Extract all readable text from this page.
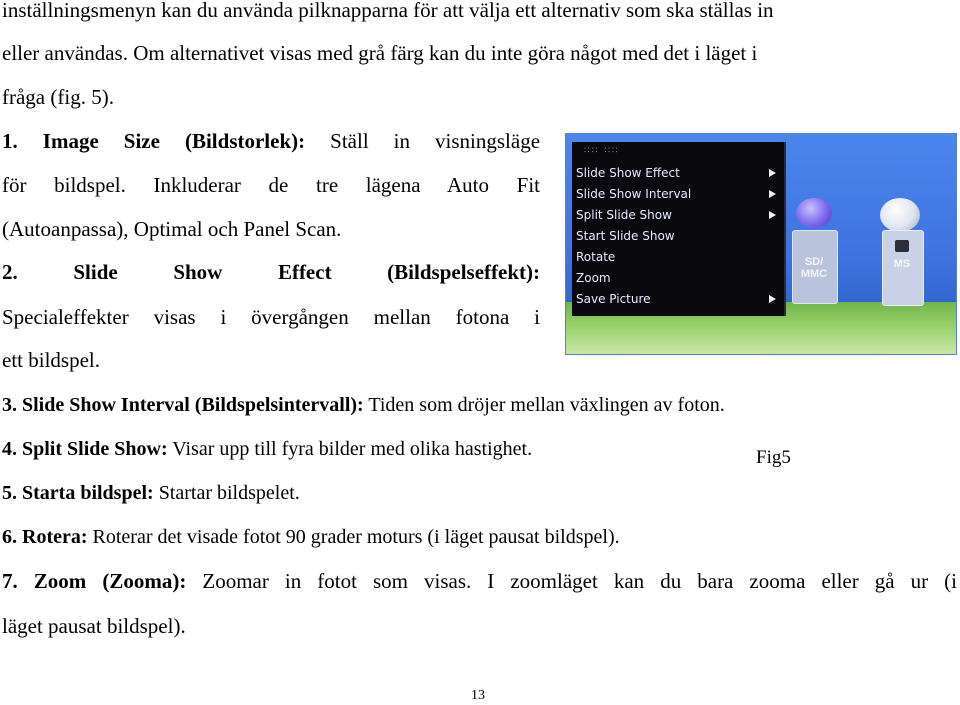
inställningsmenyn kan du använda pilknapparna för att välja ett alternativ som ska ställas in
eller användas. Om alternativet visas med grå färg kan du inte göra något med det i läget i
fråga (fig. 5).
1. Image Size (Bildstorlek): Ställ in visningsläge
för bildspel. Inkluderar de tre lägena Auto Fit
(Autoanpassa), Optimal och Panel Scan.
2.	Slide Show Effect (Bildspelseffekt):
Specialeffekter visas i övergången mellan fotona i
ett bildspel.
3. Slide Show Interval (Bildspelsintervall): Tiden som dröjer mellan växlingen av foton.
4. Split Slide Show: Visar upp till fyra bilder med olika hastighet.
5. Starta bildspel: Startar bildspelet.
6. Rotera: Roterar det visade fotot 90 grader moturs (i läget pausat bildspel).
7. Zoom (Zooma): Zoomar in fotot som visas. I zoomläget kan du bara zooma eller gå ur (i
läget pausat bildspel).
∷∷ ∷∷
Slide Show Effect
Slide Show Interval
Split Slide Show
Start Slide Show
Rotate
Zoom
Save Picture
SD/
MMC
MS
Fig5
13
